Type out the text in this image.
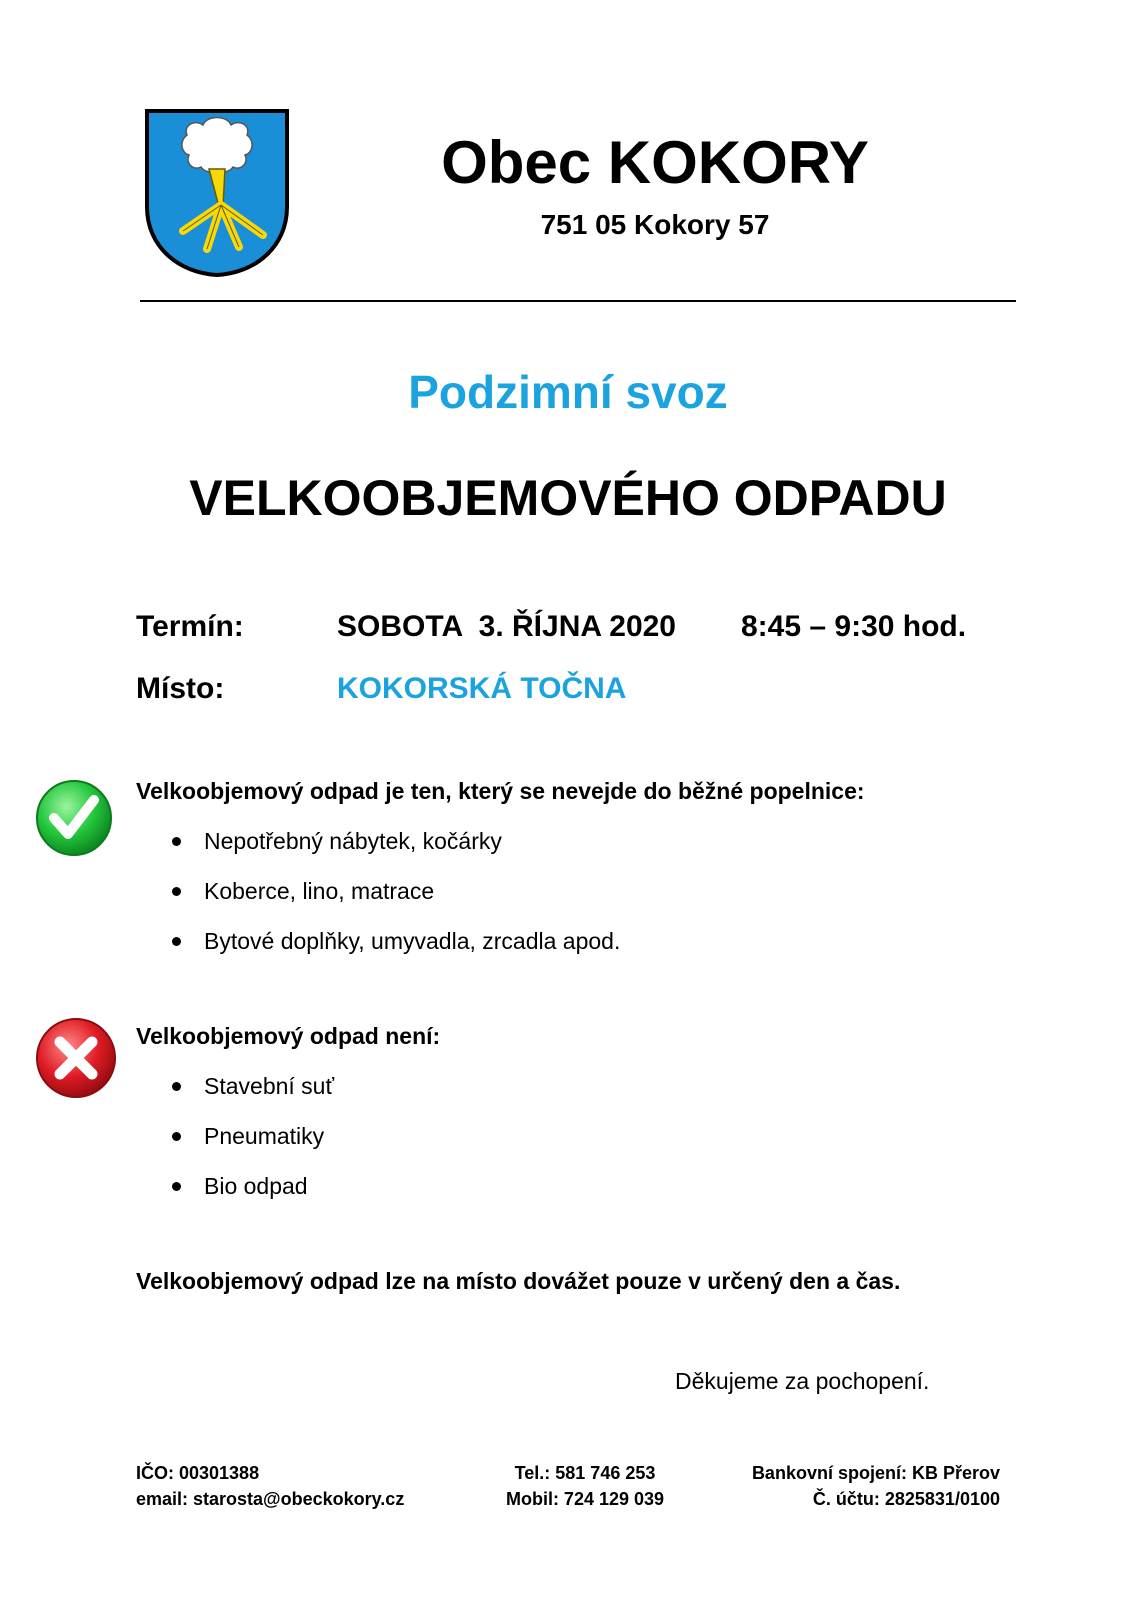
Obec KOKORY
751 05 Kokory 57
Podzimní svoz
VELKOOBJEMOVÉHO ODPADU
Termín:	SOBOTA  3. ŘÍJNA 2020 8:45 – 9:30 hod.
Místo:	KOKORSKÁ TOČNA
Velkoobjemový odpad je ten, který se nevejde do běžné popelnice:
Nepotřebný nábytek, kočárky
Koberce, lino, matrace
Bytové doplňky, umyvadla, zrcadla apod.
Velkoobjemový odpad není:
Stavební suť
Pneumatiky
Bio odpad
Velkoobjemový odpad lze na místo dovážet pouze v určený den a čas.
Děkujeme za pochopení.
IČO: 00301388
email: starosta@obeckokory.cz
Tel.: 581 746 253
Mobil: 724 129 039
Bankovní spojení: KB Přerov
Č. účtu: 2825831/0100
